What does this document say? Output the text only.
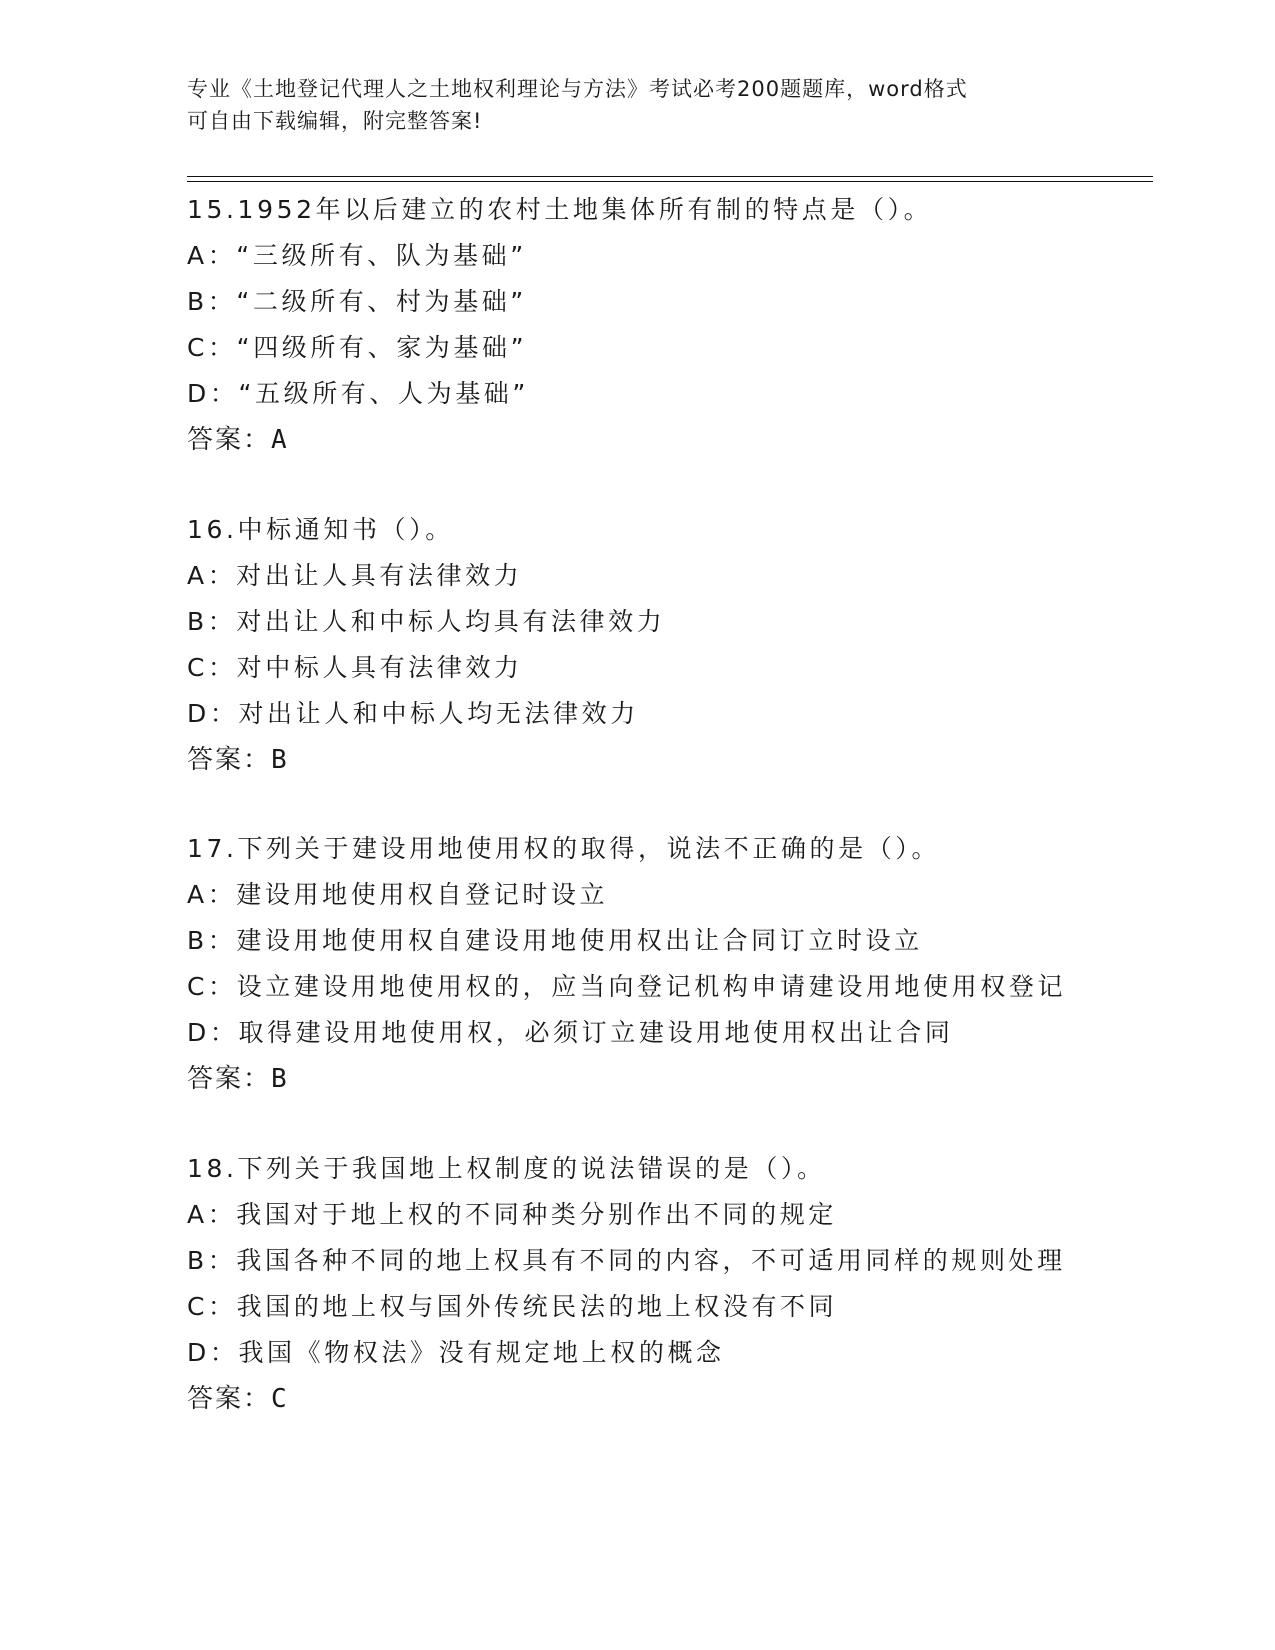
专业《土地登记代理人之土地权利理论与方法》考试必考200题题库，word格式
可自由下载编辑，附完整答案!
15.1952年以后建立的农村土地集体所有制的特点是（）。
A：“三级所有、队为基础”
B：“二级所有、村为基础”
C：“四级所有、家为基础”
D：“五级所有、人为基础”
答案：A
16.中标通知书（）。
A：对出让人具有法律效力
B：对出让人和中标人均具有法律效力
C：对中标人具有法律效力
D：对出让人和中标人均无法律效力
答案：B
17.下列关于建设用地使用权的取得，说法不正确的是（）。
A：建设用地使用权自登记时设立
B：建设用地使用权自建设用地使用权出让合同订立时设立
C：设立建设用地使用权的，应当向登记机构申请建设用地使用权登记
D：取得建设用地使用权，必须订立建设用地使用权出让合同
答案：B
18.下列关于我国地上权制度的说法错误的是（）。
A：我国对于地上权的不同种类分别作出不同的规定
B：我国各种不同的地上权具有不同的内容，不可适用同样的规则处理
C：我国的地上权与国外传统民法的地上权没有不同
D：我国《物权法》没有规定地上权的概念
答案：C
